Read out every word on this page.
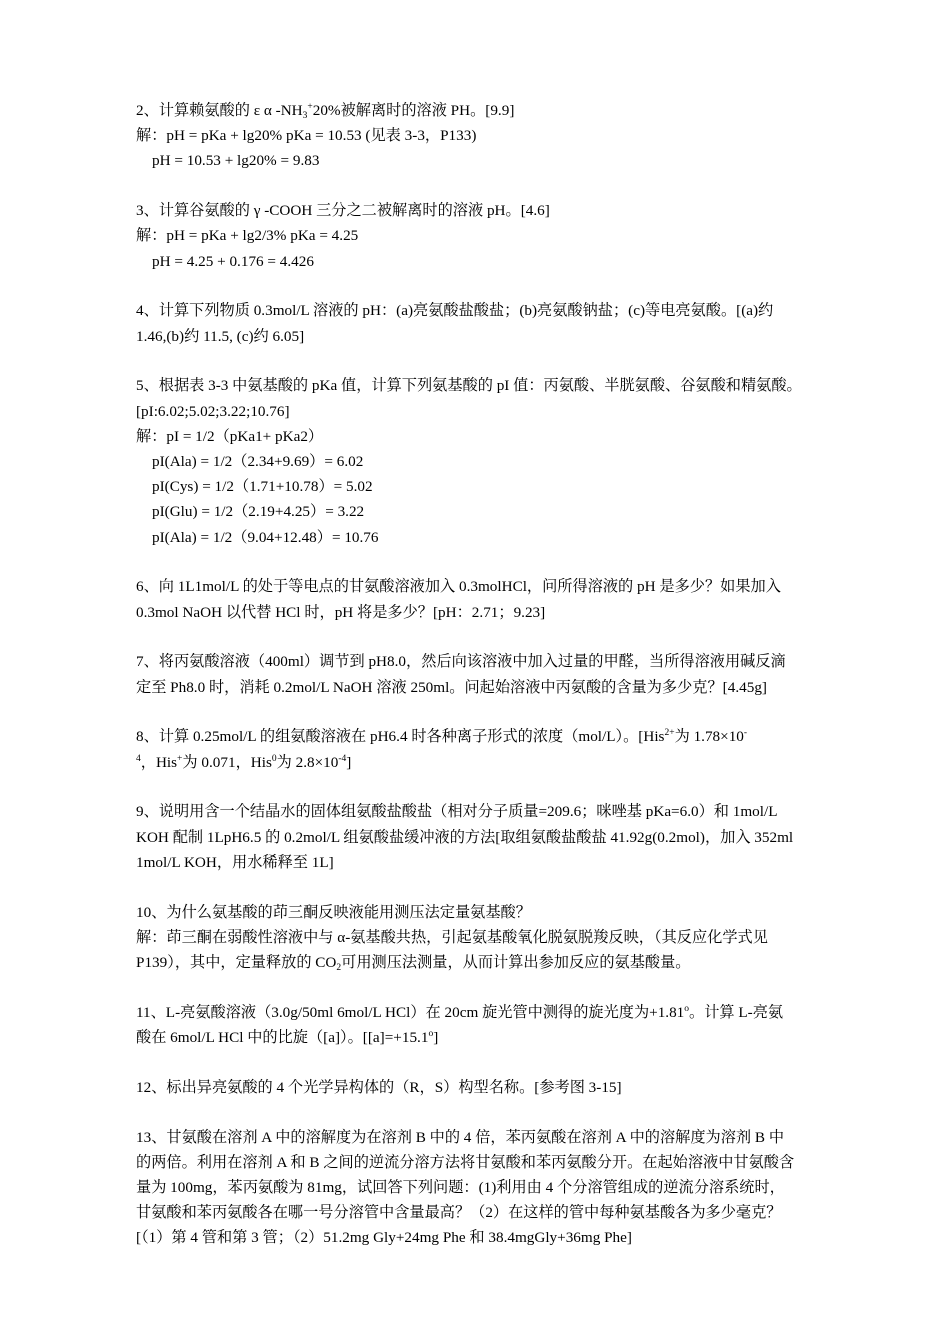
2、计算赖氨酸的 ε α $-NH_3^+20\%$被解离时的溶液 PH。[9.9]
解：pH = pKa + lg20% pKa = 10.53 (见表 3-3，P133)
pH = 10.53 + lg20% = 9.83
3、计算谷氨酸的 γ -COOH 三分之二被解离时的溶液 pH。[4.6]
解：pH = pKa + lg2/3% pKa = 4.25
pH = 4.25 + 0.176 = 4.426
4、计算下列物质 0.3mol/L 溶液的 pH：(a)亮氨酸盐酸盐；(b)亮氨酸钠盐；(c)等电亮氨酸。[(a)约
1.46,(b)约 11.5, (c)约 6.05]
5、根据表 3-3 中氨基酸的 pKa 值，计算下列氨基酸的 pI 值：丙氨酸、半胱氨酸、谷氨酸和精氨酸。
[pI:6.02;5.02;3.22;10.76]
解：pI = 1/2（pKa1+ pKa2）
pI(Ala) = 1/2（2.34+9.69）= 6.02
pI(Cys) = 1/2（1.71+10.78）= 5.02
pI(Glu) = 1/2（2.19+4.25）= 3.22
pI(Ala) = 1/2（9.04+12.48）= 10.76
6、向 1L1mol/L 的处于等电点的甘氨酸溶液加入 0.3molHCl，问所得溶液的 pH 是多少？如果加入
0.3mol NaOH 以代替 HCl 时，pH 将是多少？[pH：2.71；9.23]
7、将丙氨酸溶液（400ml）调节到 pH8.0，然后向该溶液中加入过量的甲醛，当所得溶液用碱反滴
定至 Ph8.0 时，消耗 0.2mol/L NaOH 溶液 250ml。问起始溶液中丙氨酸的含量为多少克？[4.45g]
8、计算 0.25mol/L 的组氨酸溶液在 pH6.4 时各种离子形式的浓度（mol/L）。[His$^{2+}$为 1.78×10-
$^4$，His+为 0.071，His$^0$为 $2.8\times 10^{-4}$]
9、说明用含一个结晶水的固体组氨酸盐酸盐（相对分子质量=209.6；咪唑基 pKa=6.0）和 1mol/L
KOH 配制 1LpH6.5 的 0.2mol/L 组氨酸盐缓冲液的方法[取组氨酸盐酸盐 41.92g(0.2mol)，加入 352ml
1mol/L KOH，用水稀释至 1L]
10、为什么氨基酸的茚三酮反映液能用测压法定量氨基酸？
解：茚三酮在弱酸性溶液中与 α-氨基酸共热，引起氨基酸氧化脱氨脱羧反映，（其反应化学式见
P139），其中，定量释放的 $CO_2$可用测压法测量，从而计算出参加反应的氨基酸量。
11、L-亮氨酸溶液（3.0g/50ml 6mol/L HCl）在 20cm 旋光管中测得的旋光度为$+1.81^o$。计算 L-亮氨
酸在 6mol/L HCl 中的比旋（[a]）。$[[a]=+15.1^o]$
12、标出异亮氨酸的 4 个光学异构体的（R，S）构型名称。[参考图 3-15]
13、甘氨酸在溶剂 A 中的溶解度为在溶剂 B 中的 4 倍，苯丙氨酸在溶剂 A 中的溶解度为溶剂 B 中
的两倍。利用在溶剂 A 和 B 之间的逆流分溶方法将甘氨酸和苯丙氨酸分开。在起始溶液中甘氨酸含
量为 100mg，苯丙氨酸为 81mg，试回答下列问题：(1)利用由 4 个分溶管组成的逆流分溶系统时，
甘氨酸和苯丙氨酸各在哪一号分溶管中含量最高？（2）在这样的管中每种氨基酸各为多少毫克？
[（1）第 4 管和第 3 管；（2）51.2mg Gly+24mg Phe 和 38.4mgGly+36mg Phe]
